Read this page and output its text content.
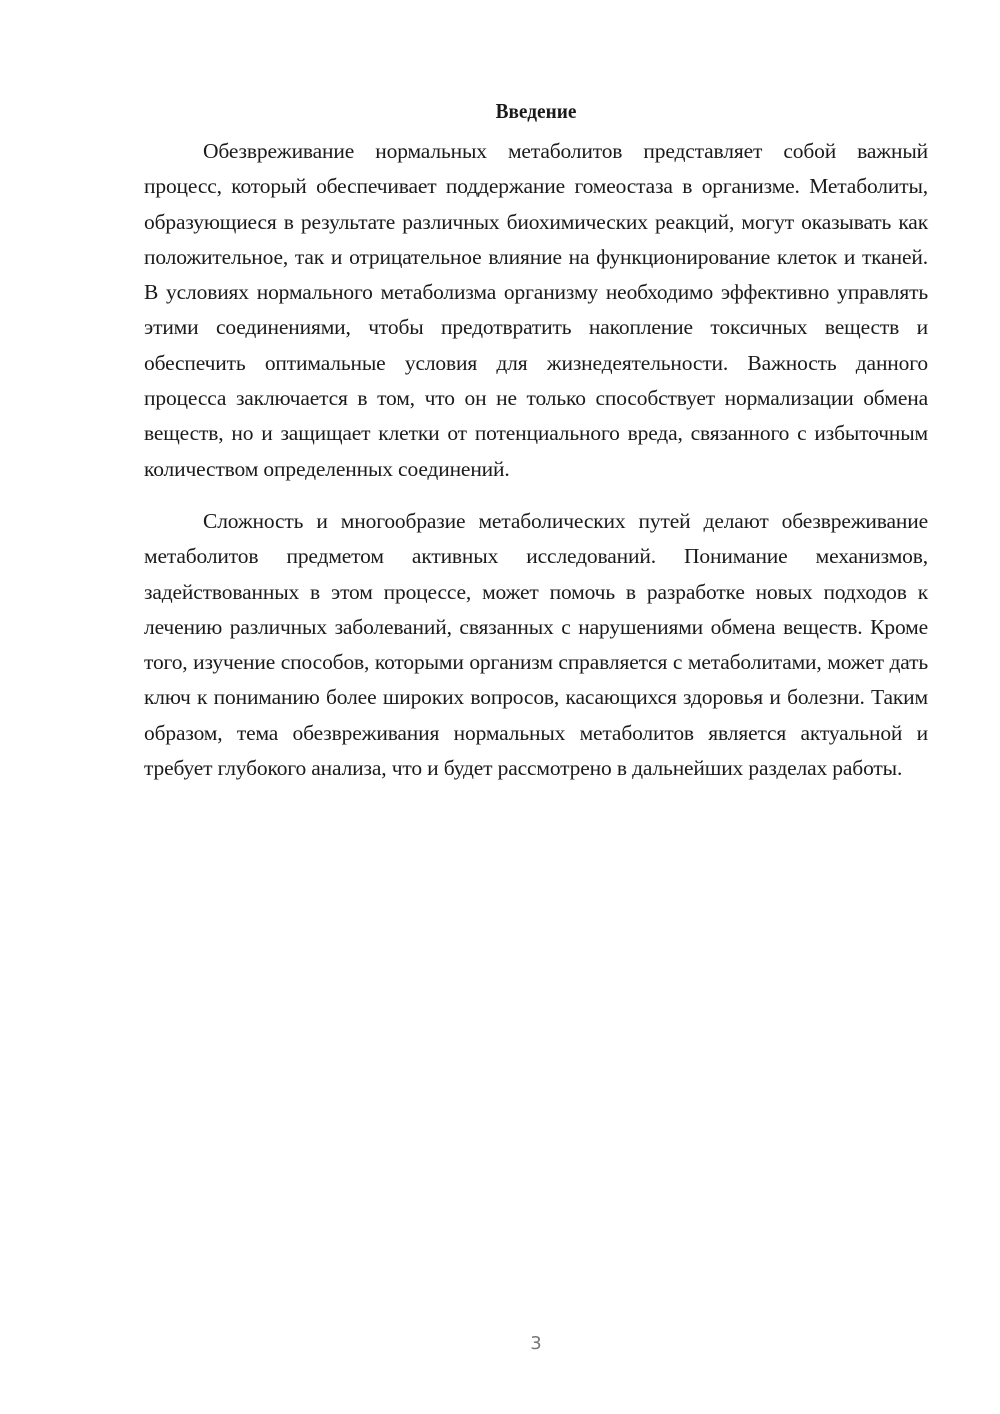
Введение

Обезвреживание нормальных метаболитов представляет собой важный процесс, который обеспечивает поддержание гомеостаза в организме. Метаболиты, образующиеся в результате различных биохимических реакций, могут оказывать как положительное, так и отрицательное влияние на функционирование клеток и тканей. В условиях нормального метаболизма организму необходимо эффективно управлять этими соединениями, чтобы предотвратить накопление токсичных веществ и обеспечить оптимальные условия для жизнедеятельности. Важность данного процесса заключается в том, что он не только способствует нормализации обмена веществ, но и защищает клетки от потенциального вреда, связанного с избыточным количеством определенных соединений.

Сложность и многообразие метаболических путей делают обезвреживание метаболитов предметом активных исследований. Понимание механизмов, задействованных в этом процессе, может помочь в разработке новых подходов к лечению различных заболеваний, связанных с нарушениями обмена веществ. Кроме того, изучение способов, которыми организм справляется с метаболитами, может дать ключ к пониманию более широких вопросов, касающихся здоровья и болезни. Таким образом, тема обезвреживания нормальных метаболитов является актуальной и требует глубокого анализа, что и будет рассмотрено в дальнейших разделах работы.

3
